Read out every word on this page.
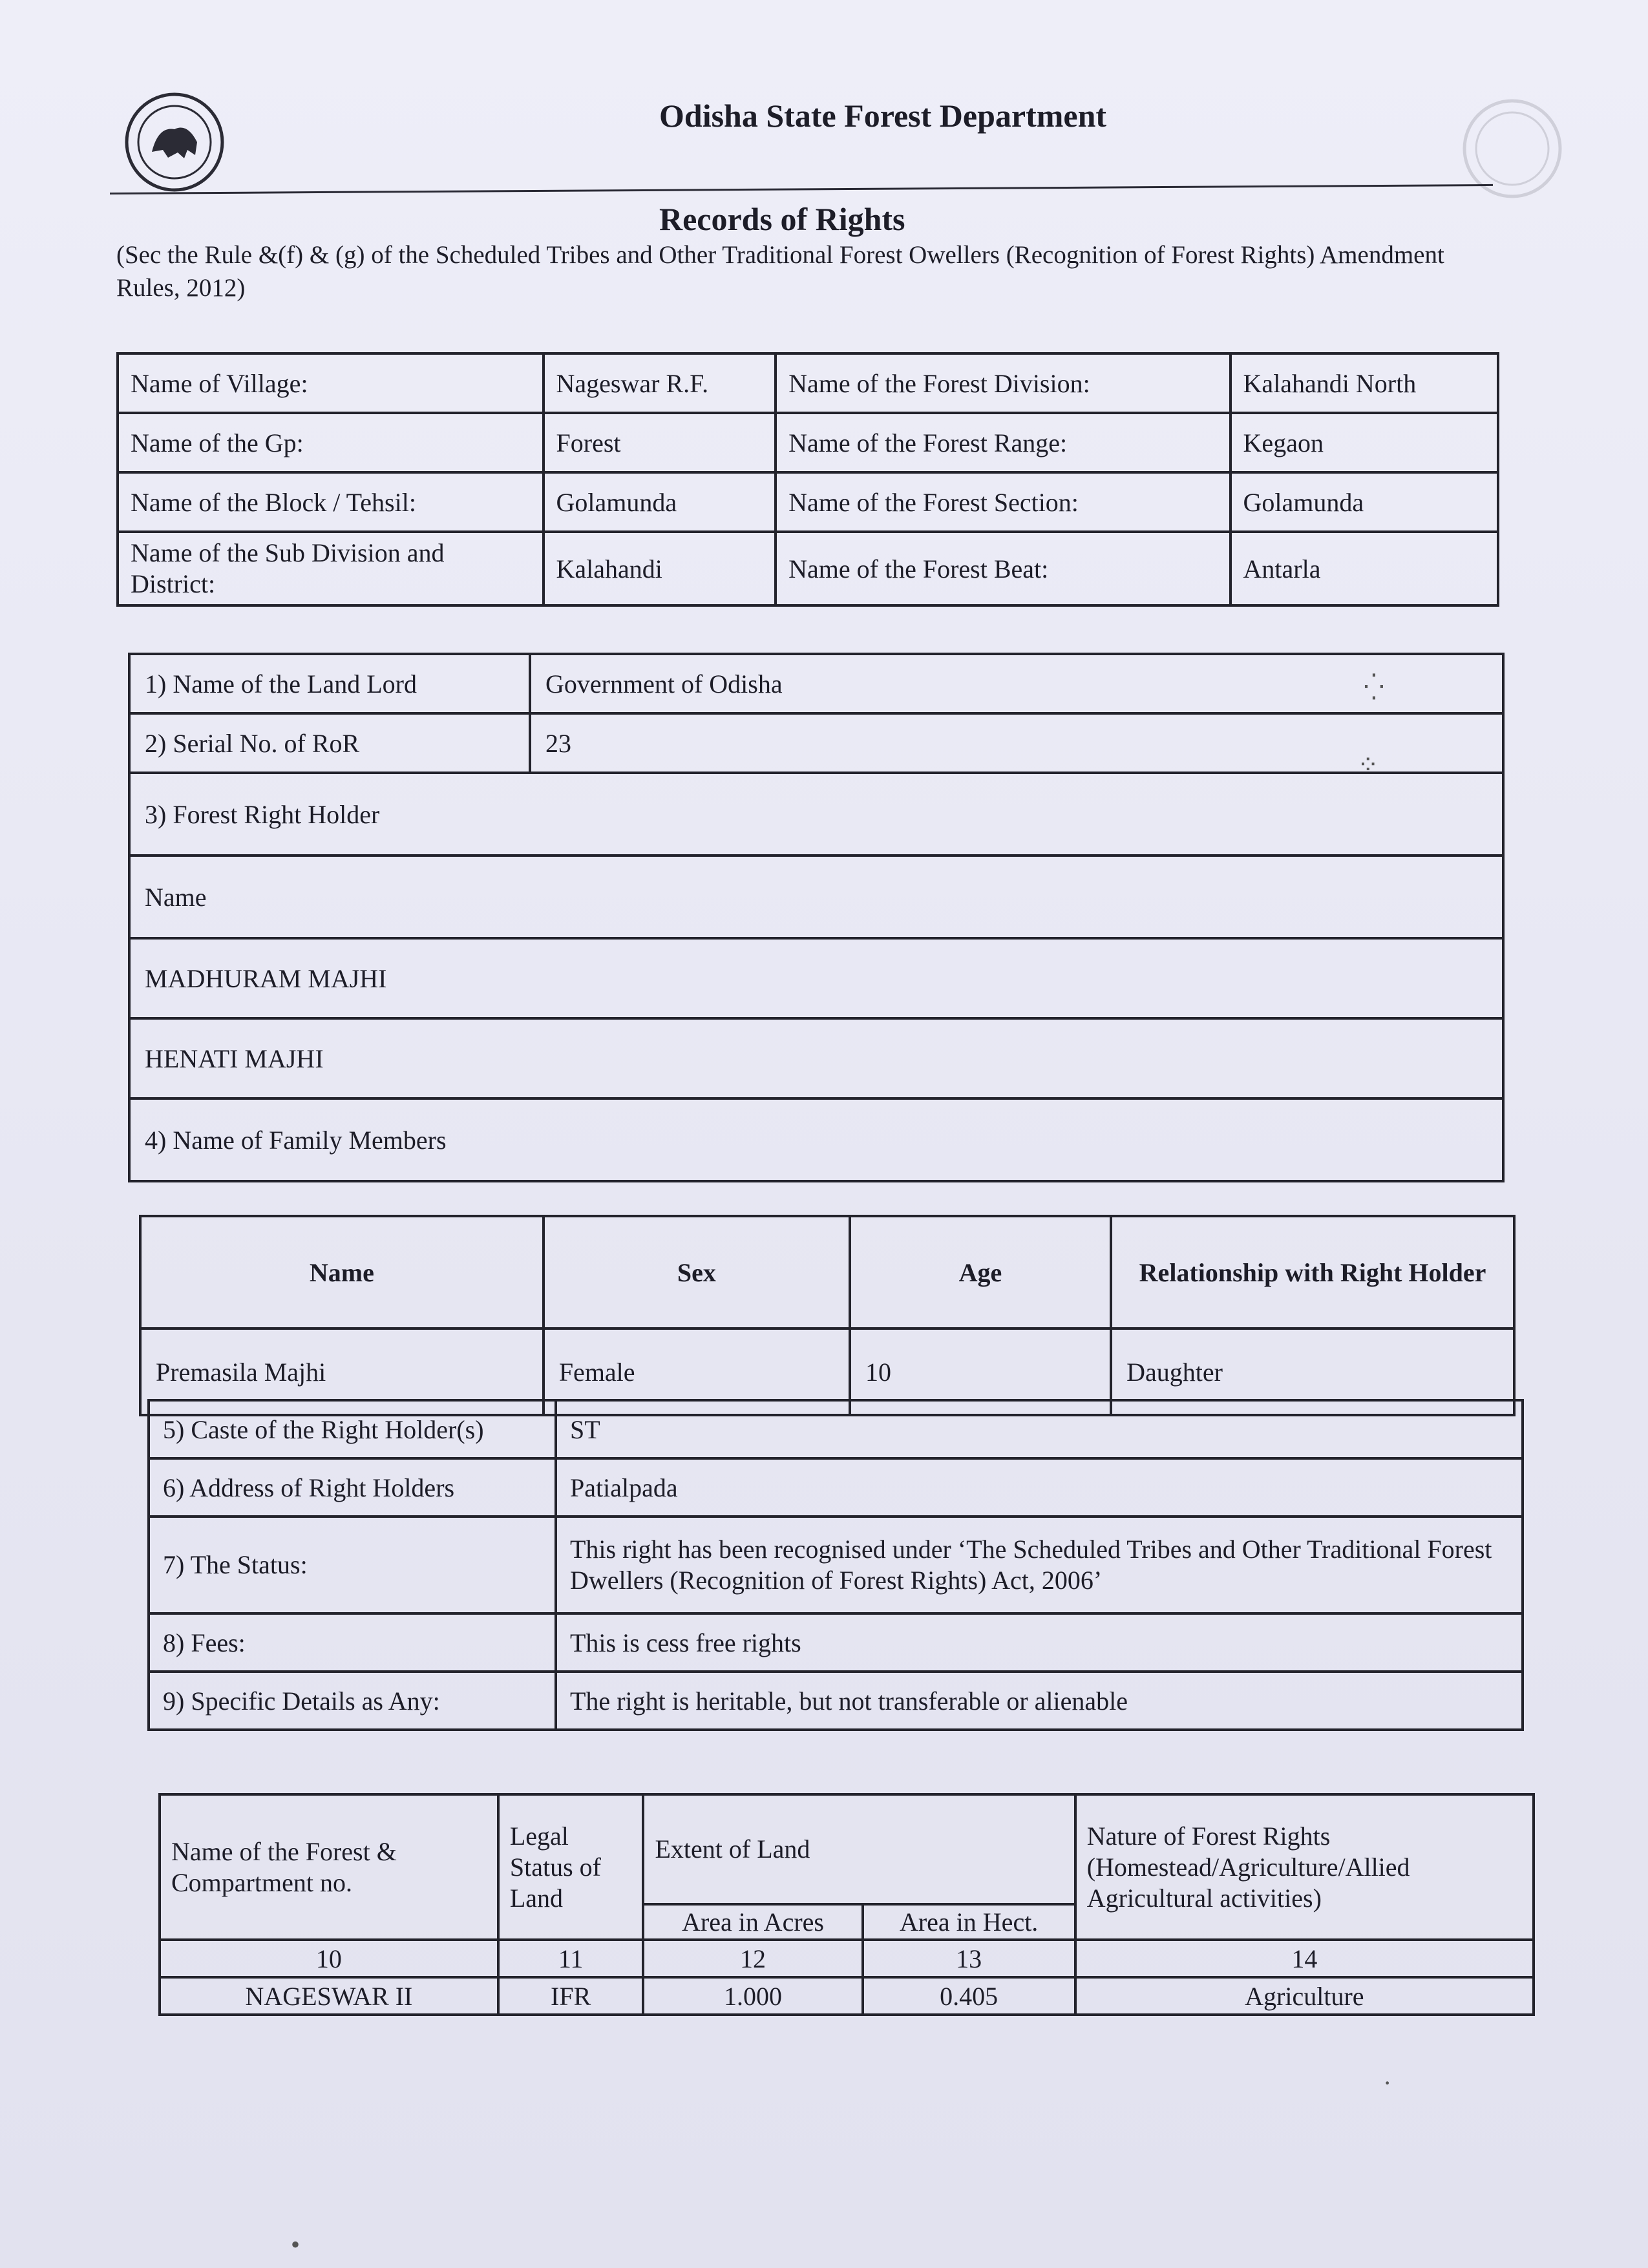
Odisha State Forest Department
Records of Rights
(Sec the Rule &(f) & (g) of the Scheduled Tribes and Other Traditional Forest Owellers (Recognition of Forest Rights) Amendment Rules, 2012)
Name of Village:	Nageswar R.F.	Name of the Forest Division:	Kalahandi North
Name of the Gp:	Forest	Name of the Forest Range:	Kegaon
Name of the Block / Tehsil:	Golamunda	Name of the Forest Section:	Golamunda
Name of the Sub Division and District:	Kalahandi	Name of the Forest Beat:	Antarla
1) Name of the Land Lord	Government of Odisha
2) Serial No. of RoR	23
3) Forest Right Holder	
Name	
MADHURAM MAJHI	
HENATI MAJHI	
4) Name of Family Members	
Name	Sex	Age	Relationship with Right Holder
Premasila Majhi	Female	10	Daughter
5) Caste of the Right Holder(s)	ST
6) Address of Right Holders	Patialpada
7) The Status:	This right has been recognised under ‘The Scheduled Tribes and Other Traditional Forest Dwellers (Recognition of Forest Rights) Act, 2006’
8) Fees:	This is cess free rights
9) Specific Details as Any:	The right is heritable, but not transferable or alienable
Name of the Forest & Compartment no.	Legal Status of Land	Extent of Land		Nature of Forest Rights (Homestead/Agriculture/Allied Agricultural activities)
		Area in Acres	Area in Hect.	
10	11	12	13	14
NAGESWAR II	IFR	1.000	0.405	Agriculture
⁛
⁘
·
•
